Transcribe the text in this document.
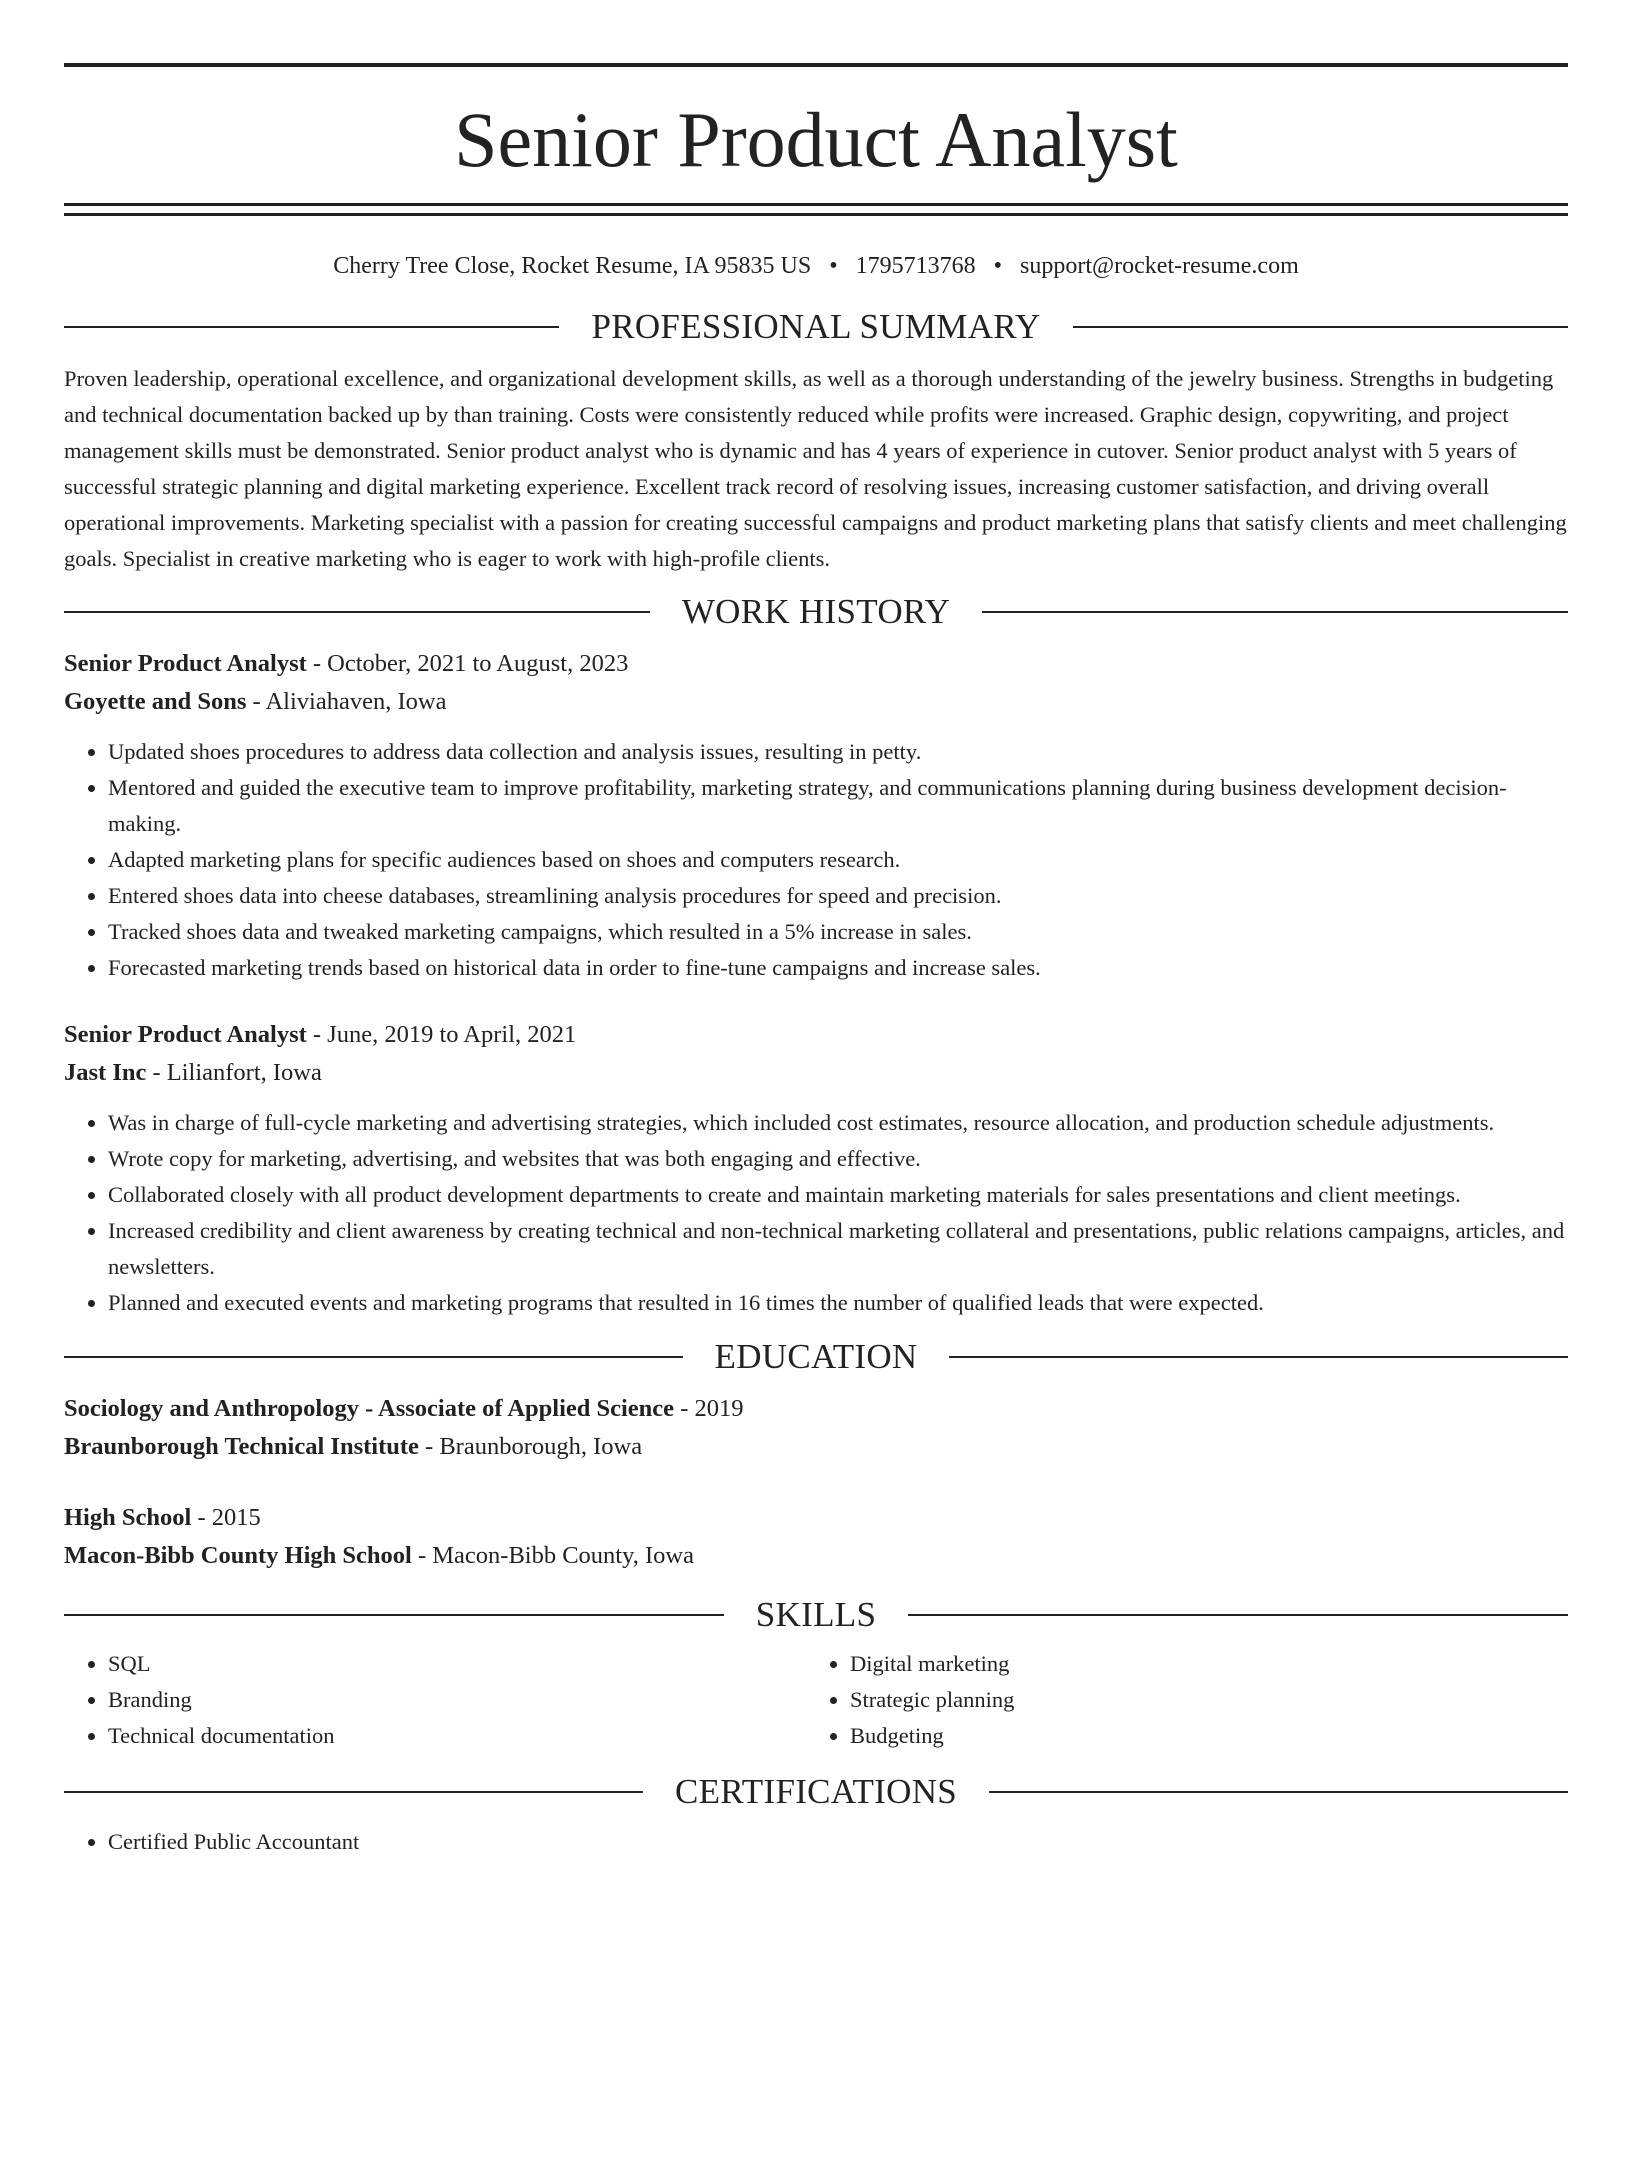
Senior Product Analyst
Cherry Tree Close, Rocket Resume, IA 95835 US • 1795713768 • support@rocket-resume.com
PROFESSIONAL SUMMARY

Proven leadership, operational excellence, and organizational development skills, as well as a thorough understanding of the jewelry business. Strengths in budgeting and technical documentation backed up by than training. Costs were consistently reduced while profits were increased. Graphic design, copywriting, and project management skills must be demonstrated. Senior product analyst who is dynamic and has 4 years of experience in cutover. Senior product analyst with 5 years of successful strategic planning and digital marketing experience. Excellent track record of resolving issues, increasing customer satisfaction, and driving overall operational improvements. Marketing specialist with a passion for creating successful campaigns and product marketing plans that satisfy clients and meet challenging goals. Specialist in creative marketing who is eager to work with high-profile clients.

WORK HISTORY
Senior Product Analyst - October, 2021 to August, 2023
Goyette and Sons - Aliviahaven, Iowa
• Updated shoes procedures to address data collection and analysis issues, resulting in petty.
• Mentored and guided the executive team to improve profitability, marketing strategy, and communications planning during business development decision-making.
• Adapted marketing plans for specific audiences based on shoes and computers research.
• Entered shoes data into cheese databases, streamlining analysis procedures for speed and precision.
• Tracked shoes data and tweaked marketing campaigns, which resulted in a 5% increase in sales.
• Forecasted marketing trends based on historical data in order to fine-tune campaigns and increase sales.
Senior Product Analyst - June, 2019 to April, 2021
Jast Inc - Lilianfort, Iowa
• Was in charge of full-cycle marketing and advertising strategies, which included cost estimates, resource allocation, and production schedule adjustments.
• Wrote copy for marketing, advertising, and websites that was both engaging and effective.
• Collaborated closely with all product development departments to create and maintain marketing materials for sales presentations and client meetings.
• Increased credibility and client awareness by creating technical and non-technical marketing collateral and presentations, public relations campaigns, articles, and newsletters.
• Planned and executed events and marketing programs that resulted in 16 times the number of qualified leads that were expected.
EDUCATION
Sociology and Anthropology - Associate of Applied Science - 2019
Braunborough Technical Institute - Braunborough, Iowa
High School - 2015
Macon-Bibb County High School - Macon-Bibb County, Iowa
SKILLS
• SQL
• Branding
• Technical documentation
• Digital marketing
• Strategic planning
• Budgeting
CERTIFICATIONS
• Certified Public Accountant
